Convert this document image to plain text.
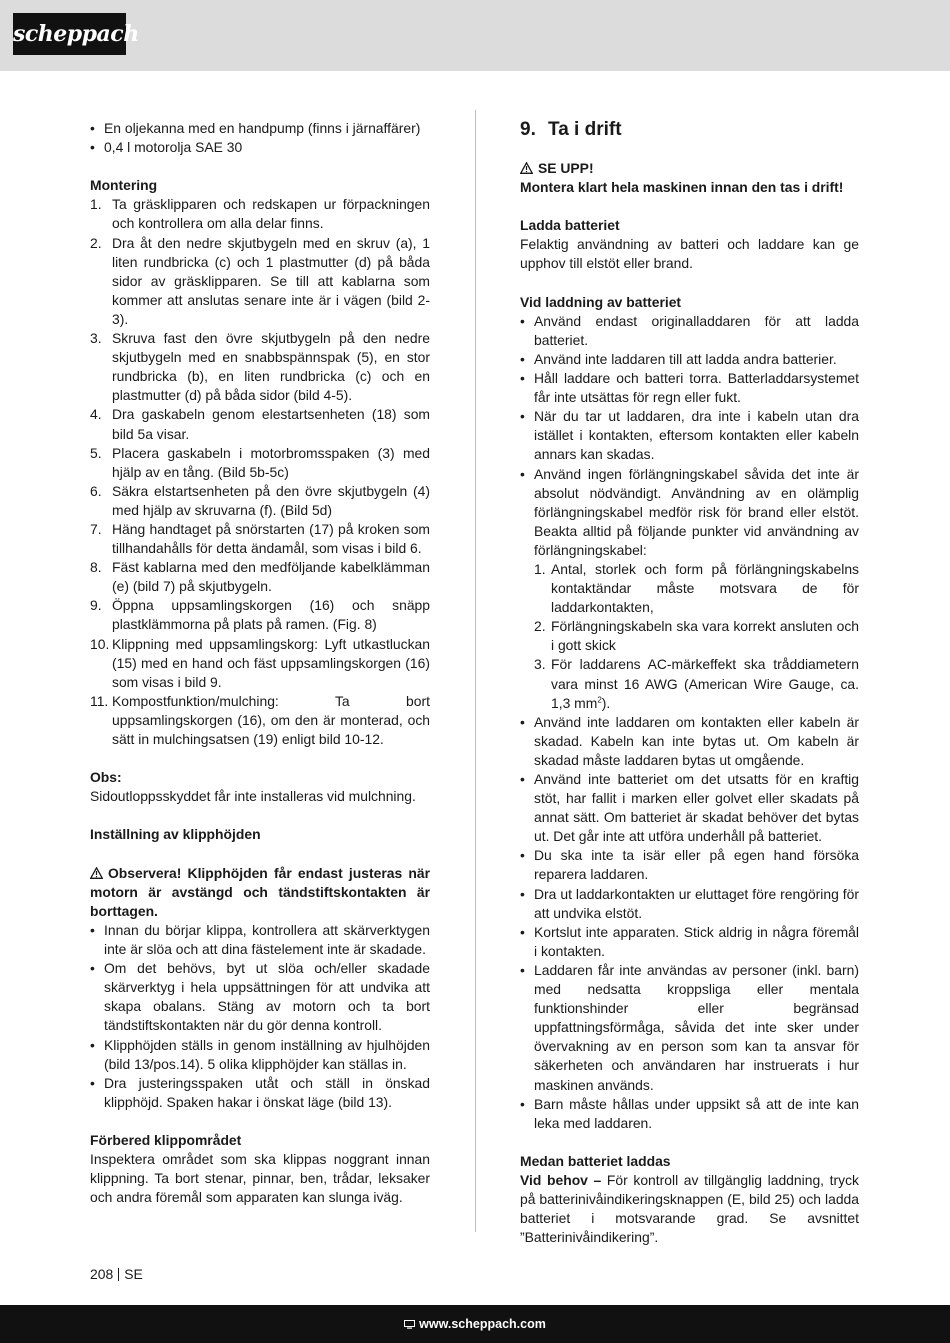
scheppach
• En oljekanna med en handpump (finns i järnaffärer)
• 0,4 l motorolja SAE 30

Montering

1. Ta gräsklipparen och redskapen ur förpackningen och kontrollera om alla delar finns.
2. Dra åt den nedre skjutbygeln med en skruv (a), 1 liten rundbricka (c) och 1 plastmutter (d) på båda sidor av gräsklipparen. Se till att kablarna som kommer att anslutas senare inte är i vägen (bild 2-3).
3. Skruva fast den övre skjutbygeln på den nedre skjutbygeln med en snabbspännspak (5), en stor rundbricka (b), en liten rundbricka (c) och en plastmutter (d) på båda sidor (bild 4-5).
4. Dra gaskabeln genom elestartsenheten (18) som bild 5a visar.
5. Placera gaskabeln i motorbromsspaken (3) med hjälp av en tång. (Bild 5b-5c)
6. Säkra elstartsenheten på den övre skjutbygeln (4) med hjälp av skruvarna (f). (Bild 5d)
7. Häng handtaget på snörstarten (17) på kroken som tillhandahålls för detta ändamål, som visas i bild 6.
8. Fäst kablarna med den medföljande kabelklämman (e) (bild 7) på skjutbygeln.
9. Öppna uppsamlingskorgen (16) och snäpp plastklämmorna på plats på ramen. (Fig. 8)
10. Klippning med uppsamlingskorg: Lyft utkastluckan (15) med en hand och fäst uppsamlingskorgen (16) som visas i bild 9.
11. Kompostfunktion/mulching: Ta bort uppsamlingskorgen (16), om den är monterad, och sätt in mulchingsatsen (19) enligt bild 10-12.

Obs:

Sidoutloppsskyddet får inte installeras vid mulchning.

Inställning av klipphöjden

Observera! Klipphöjden får endast justeras när motorn är avstängd och tändstiftskontakten är borttagen.

• Innan du börjar klippa, kontrollera att skärverktygen inte är slöa och att dina fästelement inte är skadade.
• Om det behövs, byt ut slöa och/eller skadade skärverktyg i hela uppsättningen för att undvika att skapa obalans. Stäng av motorn och ta bort tändstiftskontakten när du gör denna kontroll.
• Klipphöjden ställs in genom inställning av hjulhöjden (bild 13/pos.14). 5 olika klipphöjder kan ställas in.
• Dra justeringsspaken utåt och ställ in önskad klipphöjd. Spaken hakar i önskat läge (bild 13).

Förbered klippområdet

Inspektera området som ska klippas noggrant innan klippning. Ta bort stenar, pinnar, ben, trådar, leksaker och andra föremål som apparaten kan slunga iväg.

9. Ta i drift

SE UPP!

Montera klart hela maskinen innan den tas i drift!

Ladda batteriet

Felaktig användning av batteri och laddare kan ge upphov till elstöt eller brand.

Vid laddning av batteriet

• Använd endast originalladdaren för att ladda batteriet.
• Använd inte laddaren till att ladda andra batterier.
• Håll laddare och batteri torra. Batterladdarsystemet får inte utsättas för regn eller fukt.
• När du tar ut laddaren, dra inte i kabeln utan dra istället i kontakten, eftersom kontakten eller kabeln annars kan skadas.
• Använd ingen förlängningskabel såvida det inte är absolut nödvändigt. Användning av en olämplig förlängningskabel medför risk för brand eller elstöt. Beakta alltid på följande punkter vid användning av förlängningskabel:
1. Antal, storlek och form på förlängningskabelns kontaktändar måste motsvara de för laddarkontakten,
2. Förlängningskabeln ska vara korrekt ansluten och i gott skick
3. För laddarens AC-märkeffekt ska tråddiametern vara minst 16 AWG (American Wire Gauge, ca. 1,3 $mm^2$).
• Använd inte laddaren om kontakten eller kabeln är skadad. Kabeln kan inte bytas ut. Om kabeln är skadad måste laddaren bytas ut omgående.
• Använd inte batteriet om det utsatts för en kraftig stöt, har fallit i marken eller golvet eller skadats på annat sätt. Om batteriet är skadat behöver det bytas ut. Det går inte att utföra underhåll på batteriet.
• Du ska inte ta isär eller på egen hand försöka reparera laddaren.
• Dra ut laddarkontakten ur eluttaget före rengöring för att undvika elstöt.
• Kortslut inte apparaten. Stick aldrig in några föremål i kontakten.
• Laddaren får inte användas av personer (inkl. barn) med nedsatta kroppsliga eller mentala funktionshinder eller begränsad uppfattningsförmåga, såvida det inte sker under övervakning av en person som kan ta ansvar för säkerheten och användaren har instruerats i hur maskinen används.
• Barn måste hållas under uppsikt så att de inte kan leka med laddaren.

Medan batteriet laddas

Vid behov – För kontroll av tillgänglig laddning, tryck på batterinivåindikeringsknappen (E, bild 25) och ladda batteriet i motsvarande grad. Se avsnittet ”Batterinivåindikering”.

208 SE
www.scheppach.com
